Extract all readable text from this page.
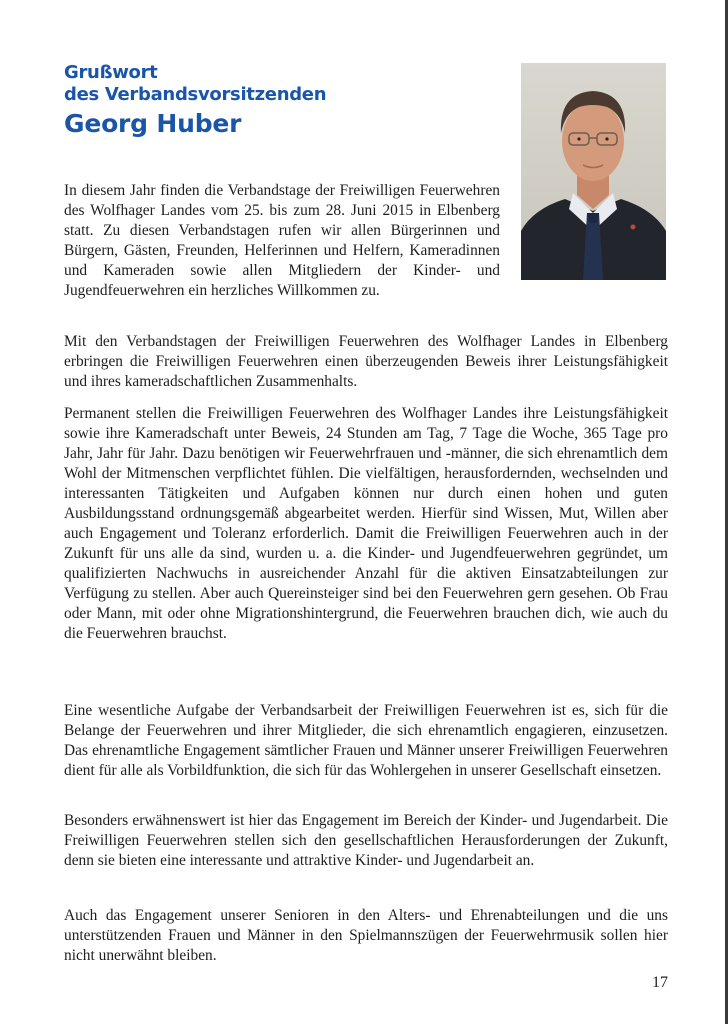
Grußwort
des Verbandsvorsitzenden
Georg Huber

In diesem Jahr finden die Verbandstage der Freiwilligen Feuerwehren des Wolfhager Landes vom 25. bis zum 28. Juni 2015 in Elbenberg statt. Zu diesen Verbandstagen rufen wir allen Bürgerinnen und Bürgern, Gästen, Freunden, Helferinnen und Helfern, Kameradinnen und Kameraden sowie allen Mitgliedern der Kinder- und Jugendfeuerwehren ein herzliches Willkommen zu.

Mit den Verbandstagen der Freiwilligen Feuerwehren des Wolfhager Landes in Elbenberg erbringen die Freiwilligen Feuerwehren einen überzeugenden Beweis ihrer Leistungsfähigkeit und ihres kameradschaftlichen Zusammenhalts.

Permanent stellen die Freiwilligen Feuerwehren des Wolfhager Landes ihre Leistungsfähigkeit sowie ihre Kameradschaft unter Beweis, 24 Stunden am Tag, 7 Tage die Woche, 365 Tage pro Jahr, Jahr für Jahr. Dazu benötigen wir Feuerwehrfrauen und -männer, die sich ehrenamtlich dem Wohl der Mitmenschen verpflichtet fühlen. Die vielfältigen, herausfordernden, wechselnden und interessanten Tätigkeiten und Aufgaben können nur durch einen hohen und guten Ausbildungsstand ordnungsgemäß abgearbeitet werden. Hierfür sind Wissen, Mut, Willen aber auch Engagement und Toleranz erforderlich. Damit die Freiwilligen Feuerwehren auch in der Zukunft für uns alle da sind, wurden u. a. die Kinder- und Jugendfeuerwehren gegründet, um qualifizierten Nachwuchs in ausreichender Anzahl für die aktiven Einsatzabteilungen zur Verfügung zu stellen. Aber auch Quereinsteiger sind bei den Feuerwehren gern gesehen. Ob Frau oder Mann, mit oder ohne Migrationshintergrund, die Feuerwehren brauchen dich, wie auch du die Feuerwehren brauchst.

Eine wesentliche Aufgabe der Verbandsarbeit der Freiwilligen Feuerwehren ist es, sich für die Belange der Feuerwehren und ihrer Mitglieder, die sich ehrenamtlich engagieren, einzusetzen. Das ehrenamtliche Engagement sämtlicher Frauen und Männer unserer Freiwilligen Feuerwehren dient für alle als Vorbildfunktion, die sich für das Wohlergehen in unserer Gesellschaft einsetzen.

Besonders erwähnenswert ist hier das Engagement im Bereich der Kinder- und Jugendarbeit. Die Freiwilligen Feuerwehren stellen sich den gesellschaftlichen Herausforderungen der Zukunft, denn sie bieten eine interessante und attraktive Kinder- und Jugendarbeit an.

Auch das Engagement unserer Senioren in den Alters- und Ehrenabteilungen und die uns unterstützenden Frauen und Männer in den Spielmannszügen der Feuerwehrmusik sollen hier nicht unerwähnt bleiben.

17
